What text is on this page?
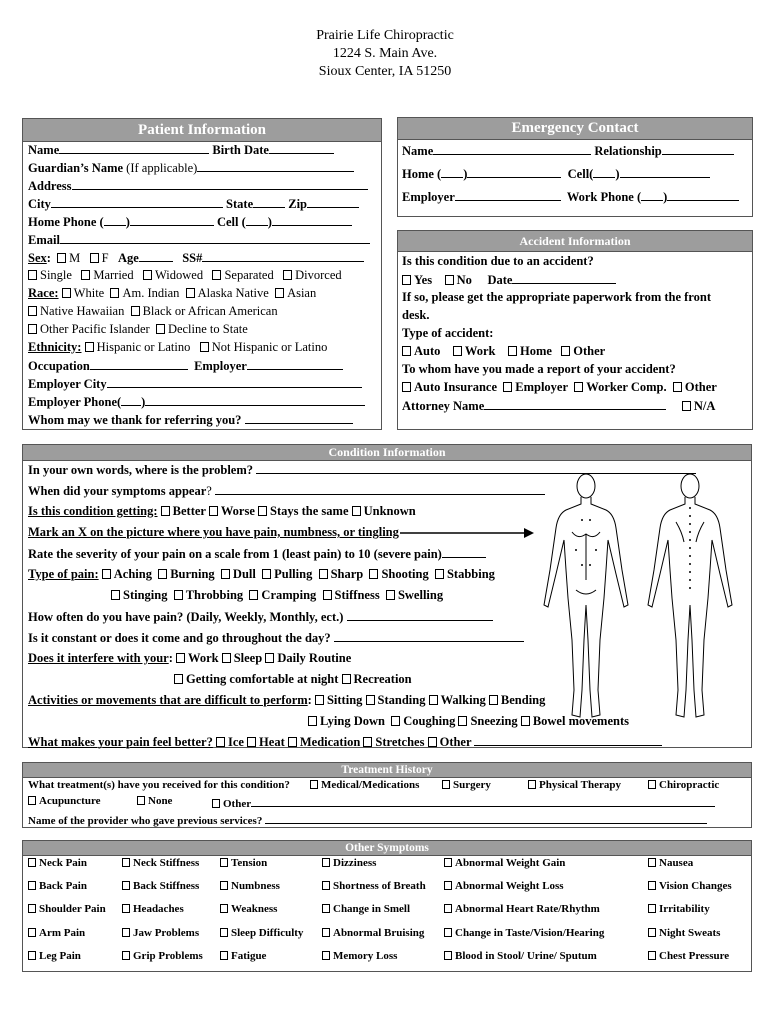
Prairie Life Chiropractic
1224 S. Main Ave.
Sioux Center, IA 51250
Patient Information
Name	Birth Date
Guardian’s Name (If applicable)
Address
City	State	Zip
Home Phone ( )	Cell ( )
Email
Sex: M F Age	SS#
Single Married Widowed Separated Divorced
Race: White Am. Indian Alaska Native Asian
Native Hawaiian Black or African American
Other Pacific Islander Decline to State
Ethnicity: Hispanic or Latino Not Hispanic or Latino
Occupation	Employer
Employer City
Employer Phone( )
Whom may we thank for referring you?
Emergency Contact
Name	Relationship
Home ( )	Cell( )
Employer	Work Phone ( )
Accident Information
Is this condition due to an accident?
Yes No Date
If so, please get the appropriate paperwork from the front
desk.
Type of accident:
Auto Work Home Other
To whom have you made a report of your accident?
Auto Insurance Employer Worker Comp. Other
Attorney Name	N/A
Condition Information
In your own words, where is the problem?
When did your symptoms appear?
Is this condition getting: Better Worse Stays the same Unknown
Mark an X on the picture where you have pain, numbness, or tingling
Rate the severity of your pain on a scale from 1 (least pain) to 10 (severe pain)
Type of pain: Aching Burning Dull Pulling Sharp Shooting Stabbing
Stinging Throbbing Cramping Stiffness Swelling
How often do you have pain? (Daily, Weekly, Monthly, ect.)
Is it constant or does it come and go throughout the day?
Does it interfere with your: Work Sleep Daily Routine
Getting comfortable at night Recreation
Activities or movements that are difficult to perform: Sitting Standing Walking Bending
Lying Down Coughing Sneezing Bowel movements
What makes your pain feel better? Ice Heat Medication Stretches Other
Treatment History
What treatment(s) have you received for this condition?	Medical/Medications	Surgery	Physical Therapy	Chiropractic
Acupuncture	None	Other
Name of the provider who gave previous services?
Other Symptoms
Neck Pain	Neck Stiffness	Tension	Dizziness	Abnormal Weight Gain	Nausea
Back Pain	Back Stiffness	Numbness	Shortness of Breath	Abnormal Weight Loss	Vision Changes
Shoulder Pain	Headaches	Weakness	Change in Smell	Abnormal Heart Rate/Rhythm	Irritability
Arm Pain	Jaw Problems	Sleep Difficulty	Abnormal Bruising	Change in Taste/Vision/Hearing	Night Sweats
Leg Pain	Grip Problems	Fatigue	Memory Loss	Blood in Stool/ Urine/ Sputum	Chest Pressure
